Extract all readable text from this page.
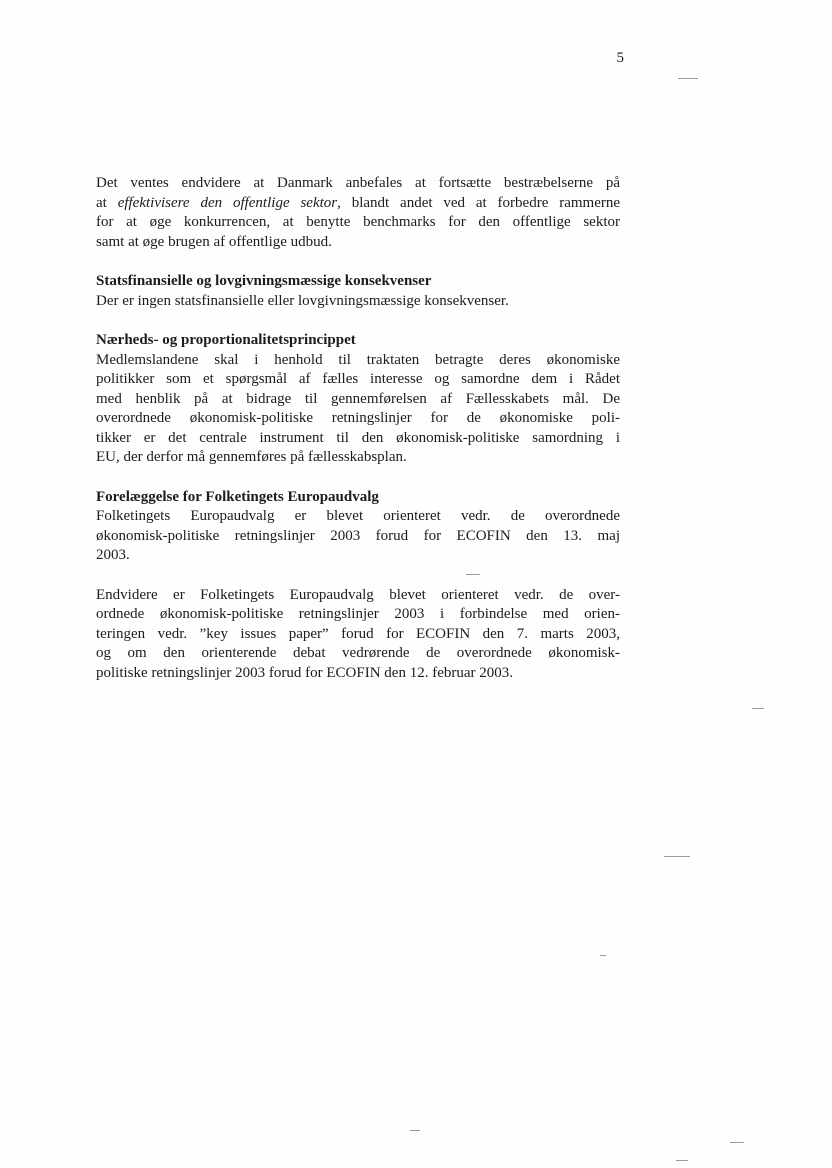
5

Det ventes endvidere at Danmark anbefales at fortsætte bestræbelserne på
at effektivisere den offentlige sektor, blandt andet ved at forbedre rammerne
for at øge konkurrencen, at benytte benchmarks for den offentlige sektor
samt at øge brugen af offentlige udbud.

Statsfinansielle og lovgivningsmæssige konsekvenser

Der er ingen statsfinansielle eller lovgivningsmæssige konsekvenser.

Nærheds- og proportionalitetsprincippet

Medlemslandene skal i henhold til traktaten betragte deres økonomiske
politikker som et spørgsmål af fælles interesse og samordne dem i Rådet
med henblik på at bidrage til gennemførelsen af Fællesskabets mål. De
overordnede økonomisk-politiske retningslinjer for de økonomiske poli-
tikker er det centrale instrument til den økonomisk-politiske samordning i
EU, der derfor må gennemføres på fællesskabsplan.

Forelæggelse for Folketingets Europaudvalg

Folketingets Europaudvalg er blevet orienteret vedr. de overordnede
økonomisk-politiske retningslinjer 2003 forud for ECOFIN den 13. maj
2003.

Endvidere er Folketingets Europaudvalg blevet orienteret vedr. de over-
ordnede økonomisk-politiske retningslinjer 2003 i forbindelse med orien-
teringen vedr. ”key issues paper” forud for ECOFIN den 7. marts 2003,
og om den orienterende debat vedrørende de overordnede økonomisk-
politiske retningslinjer 2003 forud for ECOFIN den 12. februar 2003.
